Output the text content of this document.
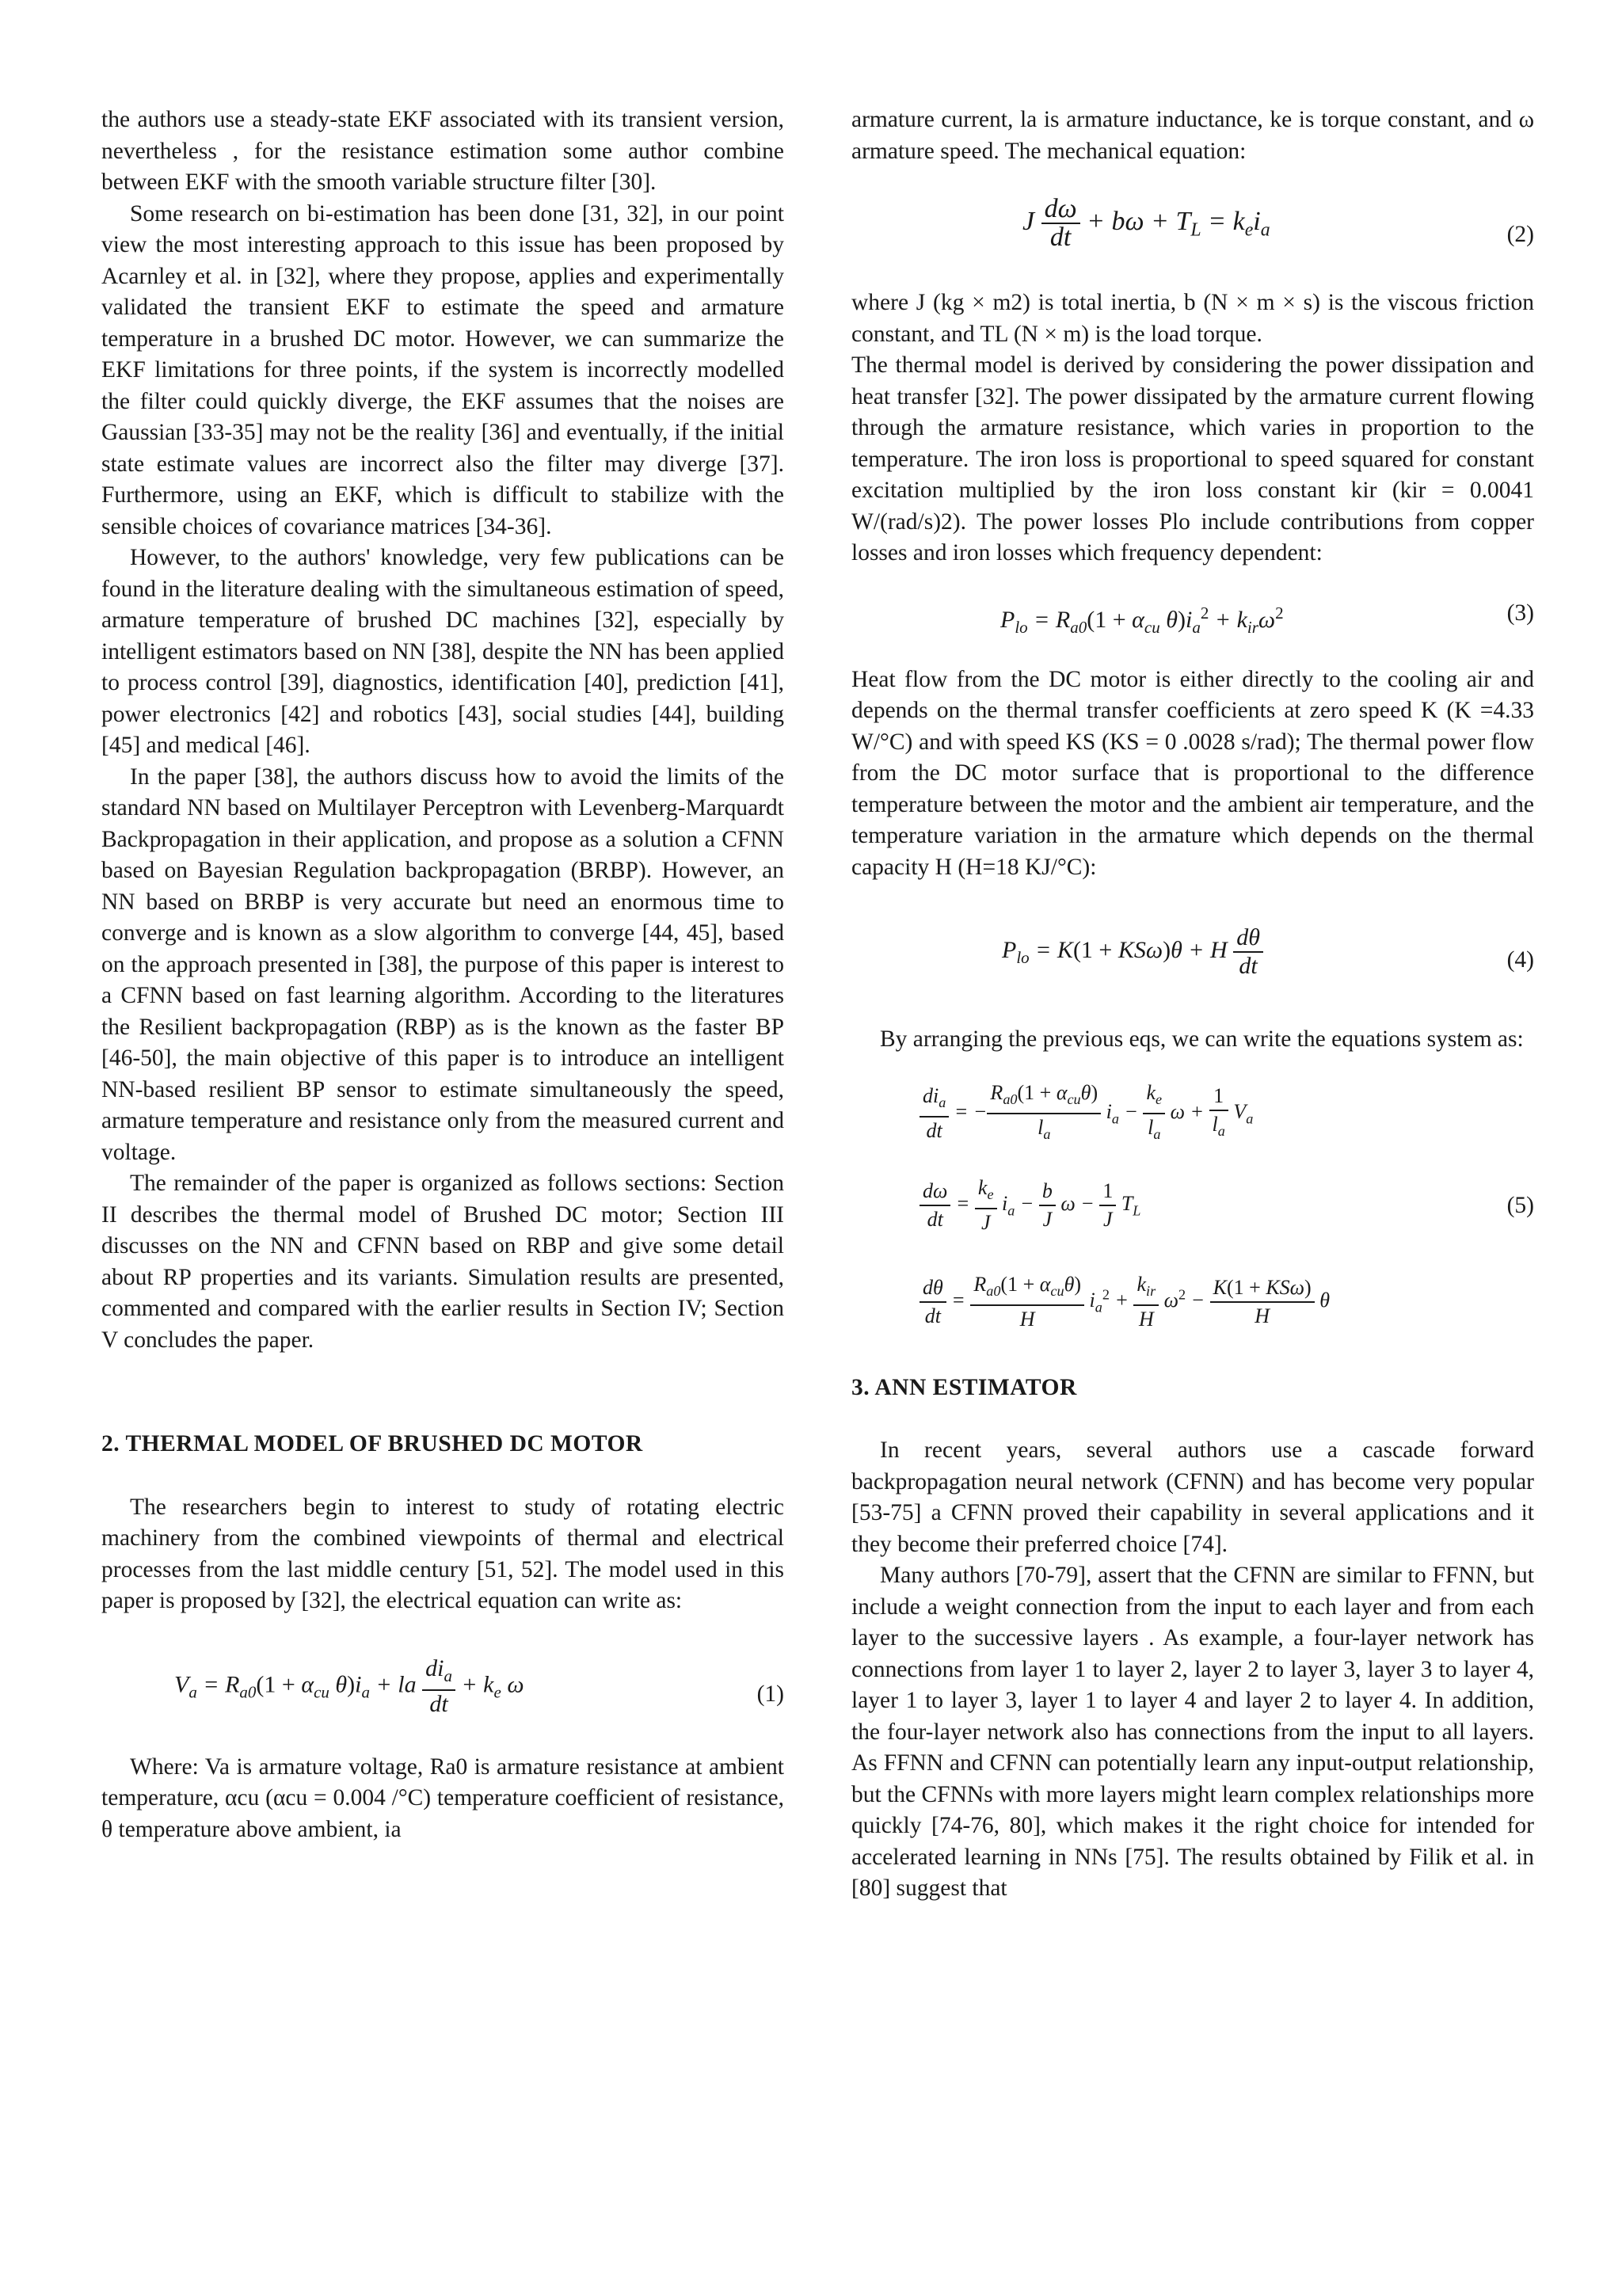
the authors use a steady-state EKF associated with its transient version, nevertheless , for the resistance estimation some author combine between EKF with the smooth variable structure filter [30].

Some research on bi-estimation has been done [31, 32], in our point view the most interesting approach to this issue has been proposed by Acarnley et al. in [32], where they propose, applies and experimentally validated the transient EKF to estimate the speed and armature temperature in a brushed DC motor. However, we can summarize the EKF limitations for three points, if the system is incorrectly modelled the filter could quickly diverge, the EKF assumes that the noises are Gaussian [33-35] may not be the reality [36] and eventually, if the initial state estimate values are incorrect also the filter may diverge [37]. Furthermore, using an EKF, which is difficult to stabilize with the sensible choices of covariance matrices [34-36].

However, to the authors' knowledge, very few publications can be found in the literature dealing with the simultaneous estimation of speed, armature temperature of brushed DC machines [32], especially by intelligent estimators based on NN [38], despite the NN has been applied to process control [39], diagnostics, identification [40], prediction [41], power electronics [42] and robotics [43], social studies [44], building [45] and medical [46].

In the paper [38], the authors discuss how to avoid the limits of the standard NN based on Multilayer Perceptron with Levenberg-Marquardt Backpropagation in their application, and propose as a solution a CFNN based on Bayesian Regulation backpropagation (BRBP). However, an NN based on BRBP is very accurate but need an enormous time to converge and is known as a slow algorithm to converge [44, 45], based on the approach presented in [38], the purpose of this paper is interest to a CFNN based on fast learning algorithm. According to the literatures the Resilient backpropagation (RBP) as is the known as the faster BP [46-50], the main objective of this paper is to introduce an intelligent NN-based resilient BP sensor to estimate simultaneously the speed, armature temperature and resistance only from the measured current and voltage.

The remainder of the paper is organized as follows sections: Section II describes the thermal model of Brushed DC motor; Section III discusses on the NN and CFNN based on RBP and give some detail about RP properties and its variants. Simulation results are presented, commented and compared with the earlier results in Section IV; Section V concludes the paper.

2. THERMAL MODEL OF BRUSHED DC MOTOR

The researchers begin to interest to study of rotating electric machinery from the combined viewpoints of thermal and electrical processes from the last middle century [51, 52]. The model used in this paper is proposed by [32], the electrical equation can write as:

$V_a = R_{a0}(1 + \alpha_{cu}$ $\theta)i_a$ + la $\frac{di_a}{dt} + k_e$ ω	(1)

Where: Va is armature voltage, Ra0 is armature resistance at ambient temperature, αcu (αcu = 0.004 /°C) temperature coefficient of resistance, θ temperature above ambient, ia

armature current, la is armature inductance, ke is torque constant, and ω armature speed. The mechanical equation:

J $\frac{d\omega}{dt} + b\omega + T_L = k_ei_a$	(2)

where J (kg × m2) is total inertia, b (N × m × s) is the viscous friction constant, and TL (N × m) is the load torque.

The thermal model is derived by considering the power dissipation and heat transfer [32]. The power dissipated by the armature current flowing through the armature resistance, which varies in proportion to the temperature. The iron loss is proportional to speed squared for constant excitation multiplied by the iron loss constant kir (kir = 0.0041 W/(rad/s)2). The power losses Plo include contributions from copper losses and iron losses which frequency dependent:

$P_{lo} = R_{a0}(1 + \alpha_{cu}$ $\theta)i_a^2 + k_{ir}\omega^2$	(3)

Heat flow from the DC motor is either directly to the cooling air and depends on the thermal transfer coefficients at zero speed K (K =4.33 W/°C) and with speed KS (KS = 0 .0028 s/rad); The thermal power flow from the DC motor surface that is proportional to the difference temperature between the motor and the ambient air temperature, and the temperature variation in the armature which depends on the thermal capacity H (H=18 KJ/°C):

$P_{lo} = K(1 + KS\omega)\theta + H \frac{d\theta}{dt}$	(4)

By arranging the previous eqs, we can write the equations system as:

$\frac{di_a}{dt}$ = − $\frac{R_{a0}(1 + \alpha_{cu}\theta)}{l_a} i_a - \frac{k_e}{l_a}$ $\omega + \frac{1}{l_a} V_a$
$\frac{d\omega}{dt} = \frac{k_e}{J} i_a - \frac{b}{J}$ $\omega - \frac{1}{J} T_L$	(5)
$\frac{d\theta}{dt} = \frac{R_{a0}(1 + \alpha_{cu}\theta)}{H} i_a^2 + \frac{k_{ir}}{H} \omega^2 - \frac{\text{K(1 + KSω)}}{H}$ θ

3. ANN ESTIMATOR

In recent years, several authors use a cascade forward backpropagation neural network (CFNN) and has become very popular [53-75] a CFNN proved their capability in several applications and it they become their preferred choice [74].

Many authors [70-79], assert that the CFNN are similar to FFNN, but include a weight connection from the input to each layer and from each layer to the successive layers . As example, a four-layer network has connections from layer 1 to layer 2, layer 2 to layer 3, layer 3 to layer 4, layer 1 to layer 3, layer 1 to layer 4 and layer 2 to layer 4. In addition, the four-layer network also has connections from the input to all layers. As FFNN and CFNN can potentially learn any input-output relationship, but the CFNNs with more layers might learn complex relationships more quickly [74-76, 80], which makes it the right choice for intended for accelerated learning in NNs [75]. The results obtained by Filik et al. in [80] suggest that
